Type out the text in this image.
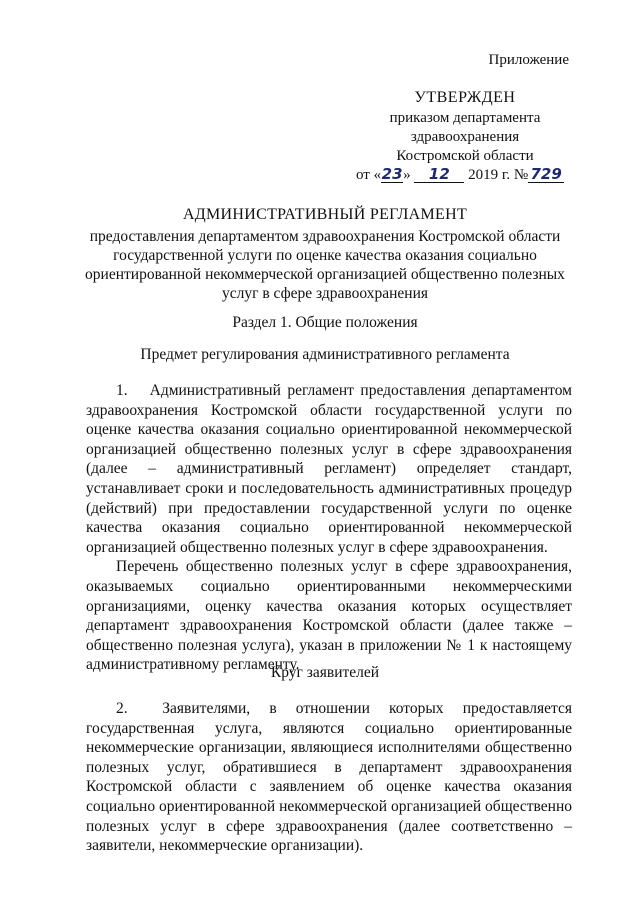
Приложение
УТВЕРЖДЕН
приказом департамента
здравоохранения
Костромской области
от «23» 12 2019 г. № 729
АДМИНИСТРАТИВНЫЙ РЕГЛАМЕНТ
предоставления департаментом здравоохранения Костромской области
государственной услуги по оценке качества оказания социально
ориентированной некоммерческой организацией общественно полезных
услуг в сфере здравоохранения
Раздел 1. Общие положения
Предмет регулирования административного регламента

1.  Административный регламент предоставления департаментом здравоохранения Костромской области государственной услуги по оценке качества оказания социально ориентированной некоммерческой организацией общественно полезных услуг в сфере здравоохранения (далее – административный регламент) определяет стандарт, устанавливает сроки и последовательность административных процедур (действий) при предоставлении государственной услуги по оценке качества оказания социально ориентированной некоммерческой организацией общественно полезных услуг в сфере здравоохранения.

Перечень общественно полезных услуг в сфере здравоохранения, оказываемых социально ориентированными некоммерческими организациями, оценку качества оказания которых осуществляет департамент здравоохранения Костромской области (далее также – общественно полезная услуга), указан в приложении № 1 к настоящему административному регламенту.

Круг заявителей

2.  Заявителями, в отношении которых предоставляется государственная услуга, являются социально ориентированные некоммерческие организации, являющиеся исполнителями общественно полезных услуг, обратившиеся в департамент здравоохранения Костромской области с заявлением об оценке качества оказания социально ориентированной некоммерческой организацией общественно полезных услуг в сфере здравоохранения (далее соответственно – заявители, некоммерческие организации).
